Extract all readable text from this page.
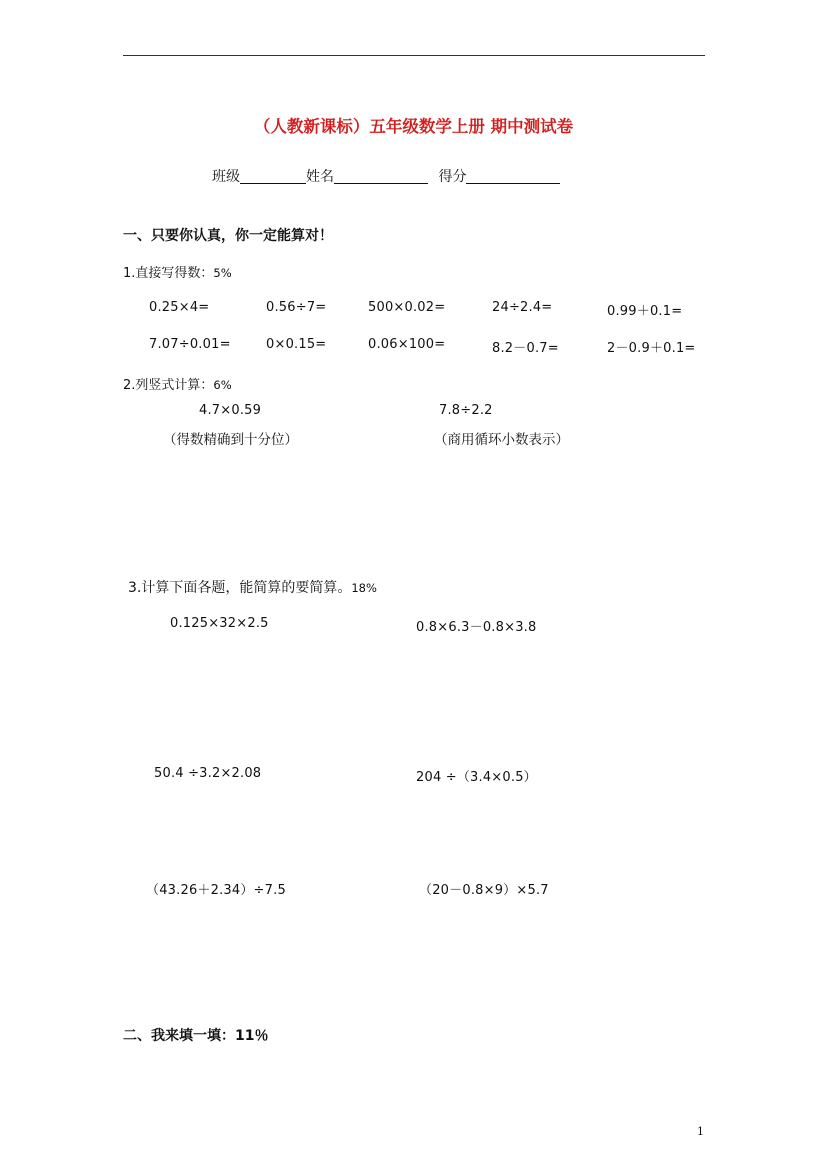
（人教新课标）五年级数学上册 期中测试卷
班级	姓名	得分
一、只要你认真，你一定能算对！
1.直接写得数：5%
0.25×4=	0.56÷7=	500×0.02=	24÷2.4=	0.99＋0.1=
7.07÷0.01=	0×0.15=	0.06×100=	8.2－0.7=	2－0.9＋0.1=
2.列竖式计算：6%
4.7×0.59	7.8÷2.2
（得数精确到十分位）	（商用循环小数表示）
3.计算下面各题，能简算的要简算。18%
0.125×32×2.5	0.8×6.3－0.8×3.8
50.4 ÷3.2×2.08	204 ÷（3.4×0.5）
（43.26＋2.34）÷7.5	（20－0.8×9）×5.7
二、我来填一填：11％
1
